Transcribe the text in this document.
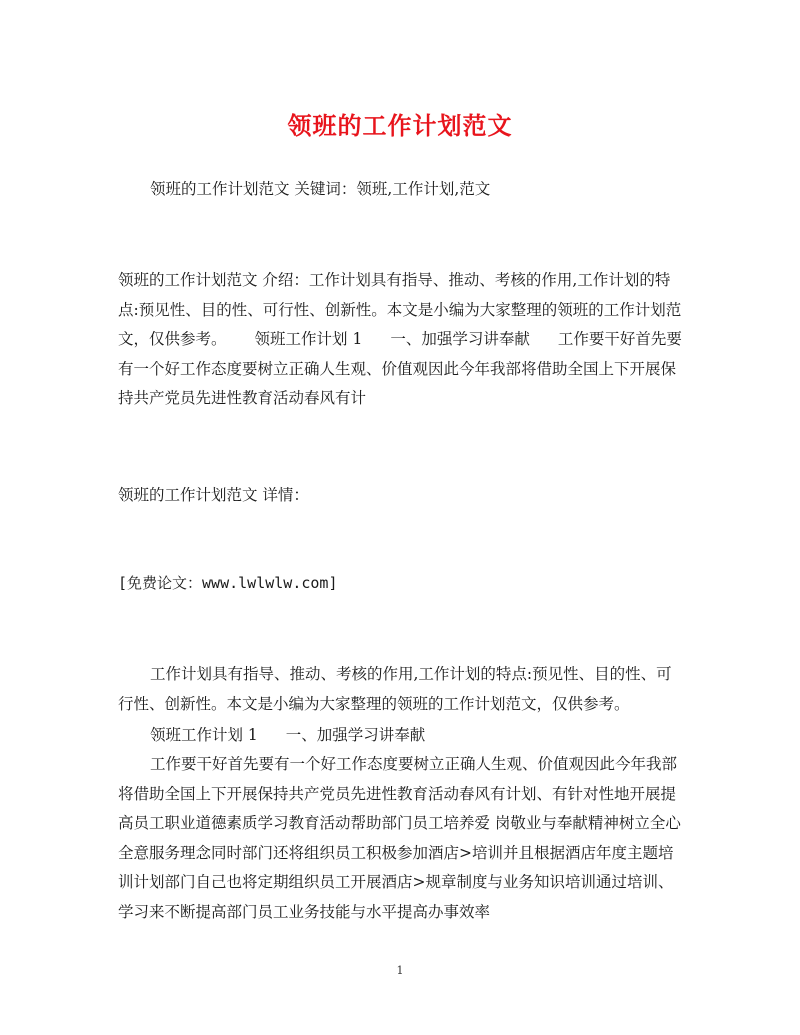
领班的工作计划范文

领班的工作计划范文 关键词：领班,工作计划,范文

领班的工作计划范文 介绍：工作计划具有指导、推动、考核的作用,工作计划的特点:预见性、目的性、可行性、创新性。本文是小编为大家整理的领班的工作计划范文，仅供参考。 领班工作计划 1 一、加强学习讲奉献 工作要干好首先要有一个好工作态度要树立正确人生观、价值观因此今年我部将借助全国上下开展保持共产党员先进性教育活动春风有计

领班的工作计划范文 详情：

[免费论文：www.lwlwlw.com]

工作计划具有指导、推动、考核的作用,工作计划的特点:预见性、目的性、可行性、创新性。本文是小编为大家整理的领班的工作计划范文，仅供参考。

领班工作计划 1 一、加强学习讲奉献

工作要干好首先要有一个好工作态度要树立正确人生观、价值观因此今年我部将借助全国上下开展保持共产党员先进性教育活动春风有计划、有针对性地开展提高员工职业道德素质学习教育活动帮助部门员工培养爱 岗敬业与奉献精神树立全心全意服务理念同时部门还将组织员工积极参加酒店>培训并且根据酒店年度主题培训计划部门自己也将定期组织员工开展酒店>规章制度与业务知识培训通过培训、学习来不断提高部门员工业务技能与水平提高办事效率

1
